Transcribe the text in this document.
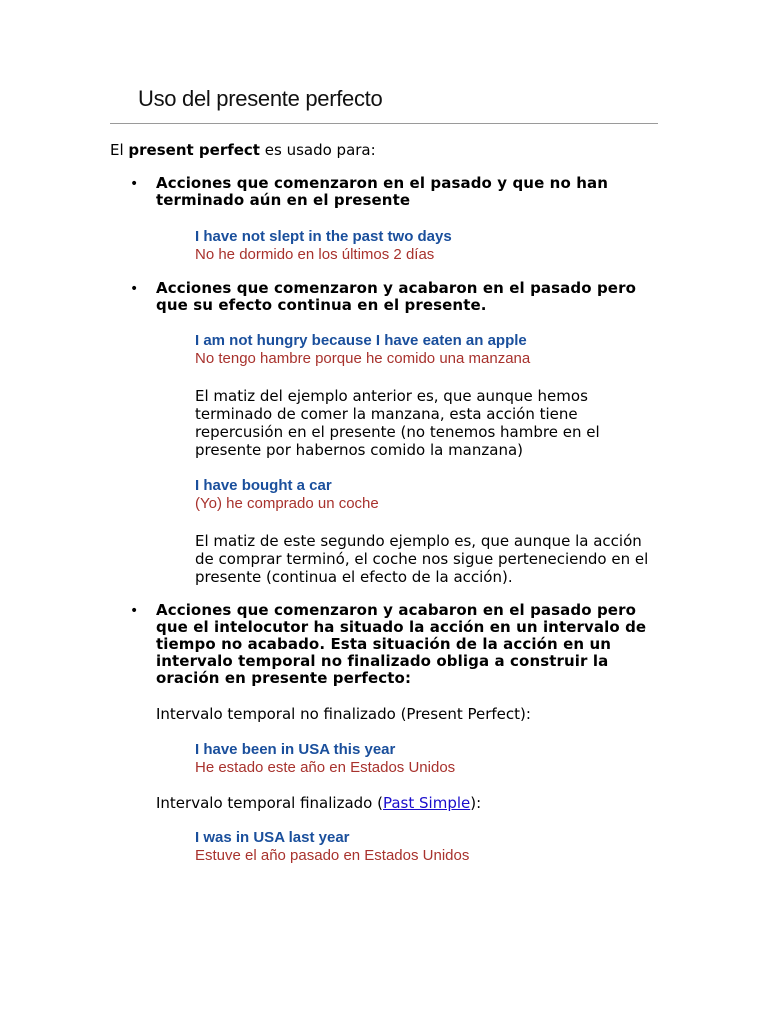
Uso del presente perfecto
El present perfect es usado para:
• Acciones que comenzaron en el pasado y que no han terminado aún en el presente
I have not slept in the past two days
No he dormido en los últimos 2 días
• Acciones que comenzaron y acabaron en el pasado pero que su efecto continua en el presente.
I am not hungry because I have eaten an apple
No tengo hambre porque he comido una manzana
El matiz del ejemplo anterior es, que aunque hemos terminado de comer la manzana, esta acción tiene repercusión en el presente (no tenemos hambre en el presente por habernos comido la manzana)
I have bought a car
(Yo) he comprado un coche
El matiz de este segundo ejemplo es, que aunque la acción de comprar terminó, el coche nos sigue perteneciendo en el presente (continua el efecto de la acción).
• Acciones que comenzaron y acabaron en el pasado pero que el intelocutor ha situado la acción en un intervalo de tiempo no acabado. Esta situación de la acción en un intervalo temporal no finalizado obliga a construir la oración en presente perfecto:
Intervalo temporal no finalizado (Present Perfect):
I have been in USA this year
He estado este año en Estados Unidos
Intervalo temporal finalizado (Past Simple):
I was in USA last year
Estuve el año pasado en Estados Unidos
